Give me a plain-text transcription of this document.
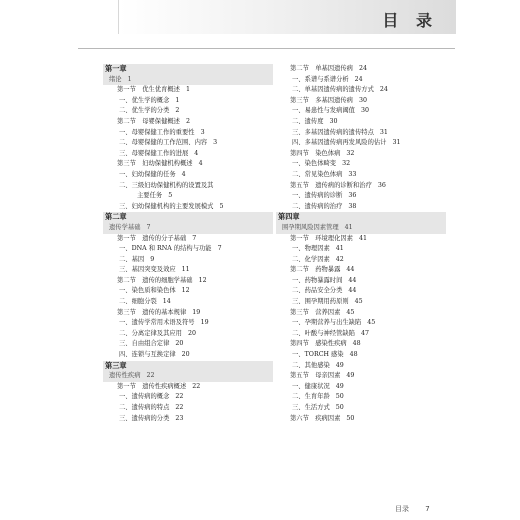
目 录
第一章
绪论 1
第一节　优生优育概述 1
一、优生学的概念 1
二、优生学的分类 2
第二节　母婴保健概述 2
一、母婴保健工作的重要性 3
二、母婴保健的工作范围、内容 3
三、母婴保健工作的进展 4
第三节　妇幼保健机构概述 4
一、妇幼保健的任务 4
二、三级妇幼保健机构的设置及其
主要任务 5
三、妇幼保健机构的主要发展模式 5
第二章
遗传学基础 7
第一节　遗传的分子基础 7
一、DNA 和 RNA 的结构与功能 7
二、基因 9
三、基因突变及效应 11
第二节　遗传的细胞学基础 12
一、染色质和染色体 12
二、细胞分裂 14
第三节　遗传的基本规律 19
一、遗传学常用术语及符号 19
二、分离定律及其应用 20
三、自由组合定律 20
四、连锁与互换定律 20
第三章
遗传性疾病 22
第一节　遗传性疾病概述 22
一、遗传病的概念 22
二、遗传病的特点 22
三、遗传病的分类 23
第二节　单基因遗传病 24
一、系谱与系谱分析 24
二、单基因遗传病的遗传方式 24
第三节　多基因遗传病 30
一、易患性与发病阈值 30
二、遗传度 30
三、多基因遗传病的遗传特点 31
四、多基因遗传病再发风险的估计 31
第四节　染色体病 32
一、染色体畸变 32
二、常见染色体病 33
第五节　遗传病的诊断和治疗 36
一、遗传病的诊断 36
二、遗传病的治疗 38
第四章
围孕期风险因素管理 41
第一节　环境理化因素 41
一、物理因素 41
二、化学因素 42
第二节　药物暴露 44
一、药物暴露时间 44
二、药品安全分类 44
三、围孕期用药原则 45
第三节　营养因素 45
一、孕期营养与出生缺陷 45
二、叶酸与神经管缺陷 47
第四节　感染性疾病 48
一、TORCH 感染 48
二、其他感染 49
第五节　母亲因素 49
一、健康状况 49
二、生育年龄 50
三、生活方式 50
第六节　疾病因素 50
目录 7
